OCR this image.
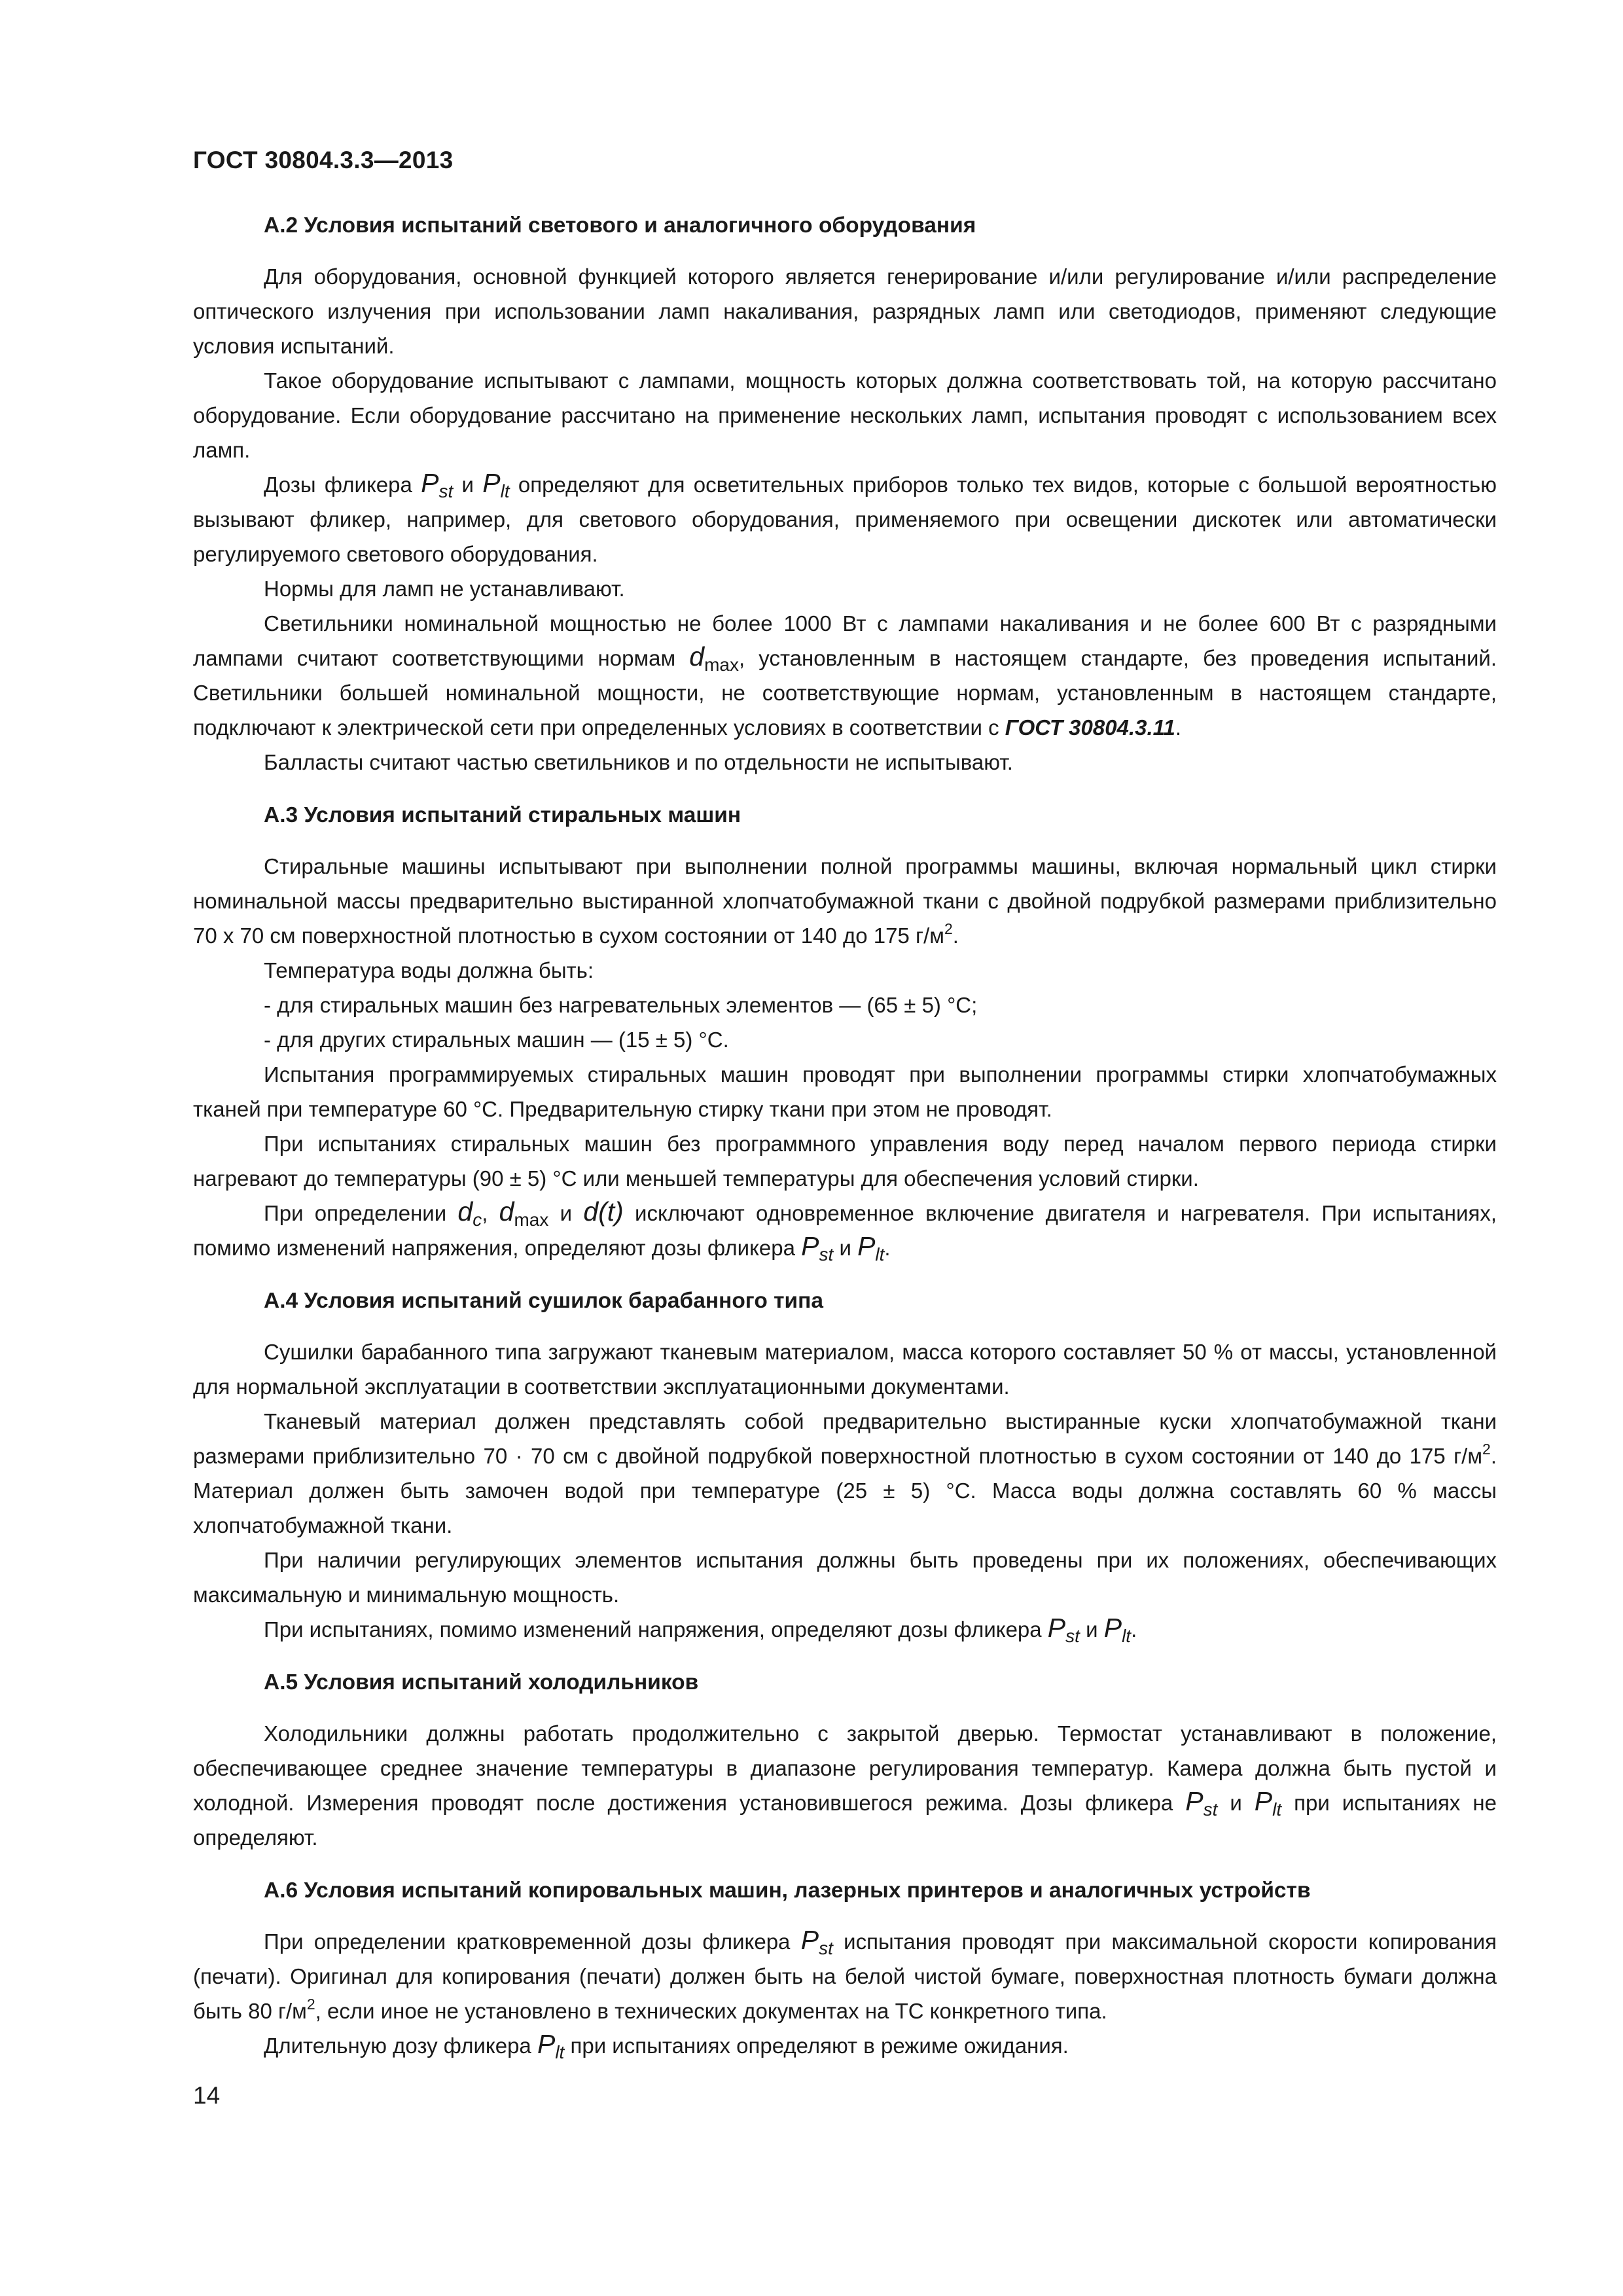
ГОСТ 30804.3.3—2013
А.2 Условия испытаний светового и аналогичного оборудования

Для оборудования, основной функцией которого является генерирование и/или регулирование и/или распределение оптического излучения при использовании ламп накаливания, разрядных ламп или светодиодов, применяют следующие условия испытаний.

Такое оборудование испытывают с лампами, мощность которых должна соответствовать той, на которую рассчитано оборудование. Если оборудование рассчитано на применение нескольких ламп, испытания проводят с использованием всех ламп.

Дозы фликера $P_{st}$ и $P_{lt}$ определяют для осветительных приборов только тех видов, которые с большой вероятностью вызывают фликер, например, для светового оборудования, применяемого при освещении дискотек или автоматически регулируемого светового оборудования.

Нормы для ламп не устанавливают.

Светильники номинальной мощностью не более 1000 Вт с лампами накаливания и не более 600 Вт с разрядными лампами считают соответствующими нормам $d_{max}$, установленным в настоящем стандарте, без проведения испытаний. Светильники большей номинальной мощности, не соответствующие нормам, установленным в настоящем стандарте, подключают к электрической сети при определенных условиях в соответствии с ГОСТ 30804.3.11.

Балласты считают частью светильников и по отдельности не испытывают.

А.3 Условия испытаний стиральных машин

Стиральные машины испытывают при выполнении полной программы машины, включая нормальный цикл стирки номинальной массы предварительно выстиранной хлопчатобумажной ткани с двойной подрубкой размерами приблизительно 70 х 70 см поверхностной плотностью в сухом состоянии от 140 до 175 $г/м^2$.

Температура воды должна быть:

- для стиральных машин без нагревательных элементов — (65 ± 5) °С;

- для других стиральных машин — (15 ± 5) °С.

Испытания программируемых стиральных машин проводят при выполнении программы стирки хлопчатобумажных тканей при температуре 60 °С. Предварительную стирку ткани при этом не проводят.

При испытаниях стиральных машин без программного управления воду перед началом первого периода стирки нагревают до температуры (90 ± 5) °С или меньшей температуры для обеспечения условий стирки.

При определении $d_c$, $d_{max}$ и d(t) исключают одновременное включение двигателя и нагревателя. При испытаниях, помимо изменений напряжения, определяют дозы фликера $P_{st}$ и $P_{lt}$.

А.4 Условия испытаний сушилок барабанного типа

Сушилки барабанного типа загружают тканевым материалом, масса которого составляет 50 % от массы, установленной для нормальной эксплуатации в соответствии эксплуатационными документами.

Тканевый материал должен представлять собой предварительно выстиранные куски хлопчатобумажной ткани размерами приблизительно 70 · 70 см с двойной подрубкой поверхностной плотностью в сухом состоянии от 140 до 175 $г/м^2$. Материал должен быть замочен водой при температуре (25 ± 5) °С. Масса воды должна составлять 60 % массы хлопчатобумажной ткани.

При наличии регулирующих элементов испытания должны быть проведены при их положениях, обеспечивающих максимальную и минимальную мощность.

При испытаниях, помимо изменений напряжения, определяют дозы фликера $P_{st}$ и $P_{lt}$.

А.5 Условия испытаний холодильников

Холодильники должны работать продолжительно с закрытой дверью. Термостат устанавливают в положение, обеспечивающее среднее значение температуры в диапазоне регулирования температур. Камера должна быть пустой и холодной. Измерения проводят после достижения установившегося режима. Дозы фликера $P_{st}$ и $P_{lt}$ при испытаниях не определяют.

А.6 Условия испытаний копировальных машин, лазерных принтеров и аналогичных устройств

При определении кратковременной дозы фликера $P_{st}$ испытания проводят при максимальной скорости копирования (печати). Оригинал для копирования (печати) должен быть на белой чистой бумаге, поверхностная плотность бумаги должна быть 80 $г/м^2$, если иное не установлено в технических документах на ТС конкретного типа.

Длительную дозу фликера $P_{lt}$ при испытаниях определяют в режиме ожидания.

14
